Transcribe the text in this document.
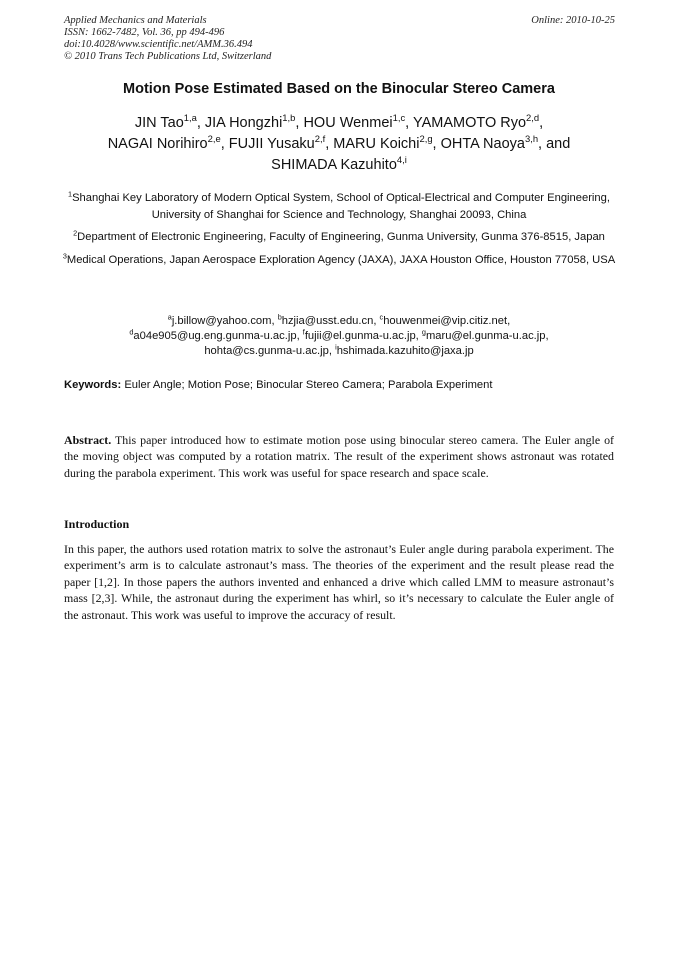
Applied Mechanics and Materials
ISSN: 1662-7482, Vol. 36, pp 494-496
doi:10.4028/www.scientific.net/AMM.36.494
© 2010 Trans Tech Publications Ltd, Switzerland
Online: 2010-10-25
Motion Pose Estimated Based on the Binocular Stereo Camera
JIN Tao$^{1,a}$, JIA Hongzhi$^{1,b}$, HOU Wenmei$^{1,c}$, YAMAMOTO Ryo$^{2,d}$,
NAGAI Norihiro$^{2,e}$, FUJII Yusaku$^{2,f}$, MARU Koichi$^{2,g}$, OHTA Naoya$^{3,h}$, and
SHIMADA Kazuhito$^{4,i}$
$^1$Shanghai Key Laboratory of Modern Optical System, School of Optical-Electrical and Computer Engineering, University of Shanghai for Science and Technology, Shanghai 20093, China
$^2$Department of Electronic Engineering, Faculty of Engineering, Gunma University, Gunma 376-8515, Japan
$^3$Medical Operations, Japan Aerospace Exploration Agency (JAXA), JAXA Houston Office, Houston 77058, USA
$^a$j.billow@yahoo.com, $^b$hzjia@usst.edu.cn, $^c$houwenmei@vip.citiz.net,
$^d$a04e905@ug.eng.gunma-u.ac.jp, $^f$fujii@el.gunma-u.ac.jp, $^g$maru@el.gunma-u.ac.jp,
hohta@cs.gunma-u.ac.jp, $^i$hshimada.kazuhito@jaxa.jp
Keywords: Euler Angle; Motion Pose; Binocular Stereo Camera; Parabola Experiment
Abstract. This paper introduced how to estimate motion pose using binocular stereo camera. The Euler angle of the moving object was computed by a rotation matrix. The result of the experiment shows astronaut was rotated during the parabola experiment. This work was useful for space research and space scale.
Introduction
In this paper, the authors used rotation matrix to solve the astronaut’s Euler angle during parabola experiment. The experiment’s arm is to calculate astronaut’s mass. The theories of the experiment and the result please read the paper [1,2]. In those papers the authors invented and enhanced a drive which called LMM to measure astronaut’s mass [2,3]. While, the astronaut during the experiment has whirl, so it’s necessary to calculate the Euler angle of the astronaut. This work was useful to improve the accuracy of result.
